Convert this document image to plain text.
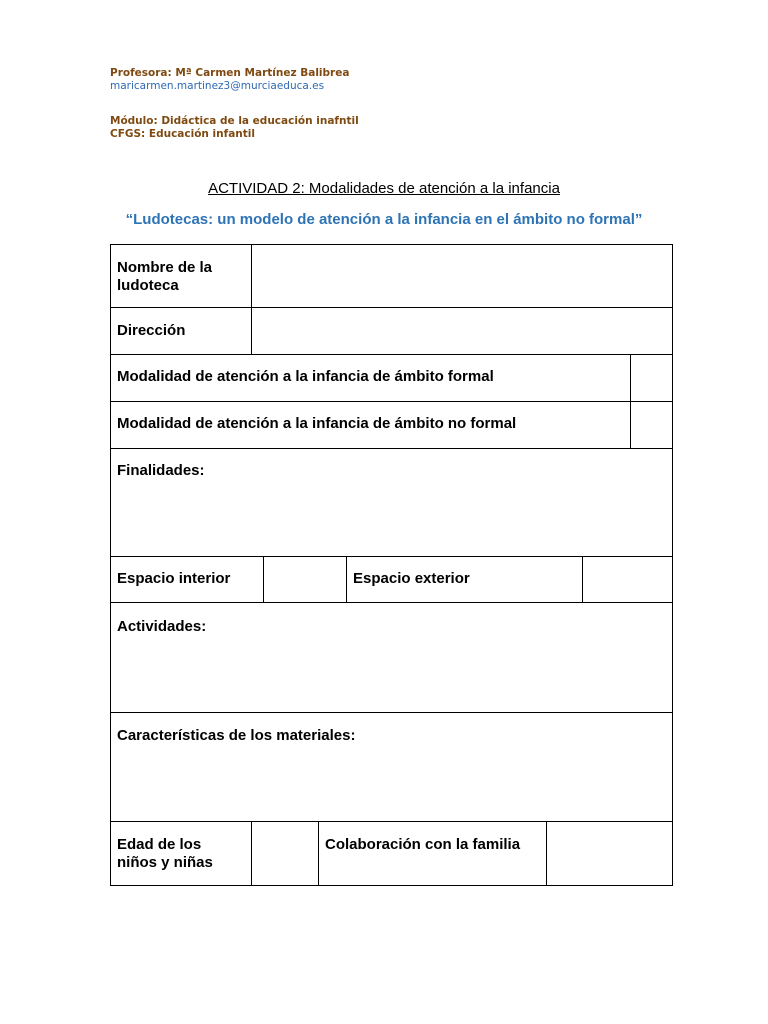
Profesora: Mª Carmen Martínez Balibrea
maricarmen.martinez3@murciaeduca.es
Módulo: Didáctica de la educación inafntil
CFGS: Educación infantil
ACTIVIDAD 2: Modalidades de atención a la infancia
“Ludotecas: un modelo de atención a la infancia en el ámbito no formal”
Nombre de la
ludoteca
Dirección
Modalidad de atención a la infancia de ámbito formal
Modalidad de atención a la infancia de ámbito no formal
Finalidades:
Espacio interior	Espacio exterior
Actividades:
Características de los materiales:
Edad de los
niños y niñas
Colaboración con la familia
